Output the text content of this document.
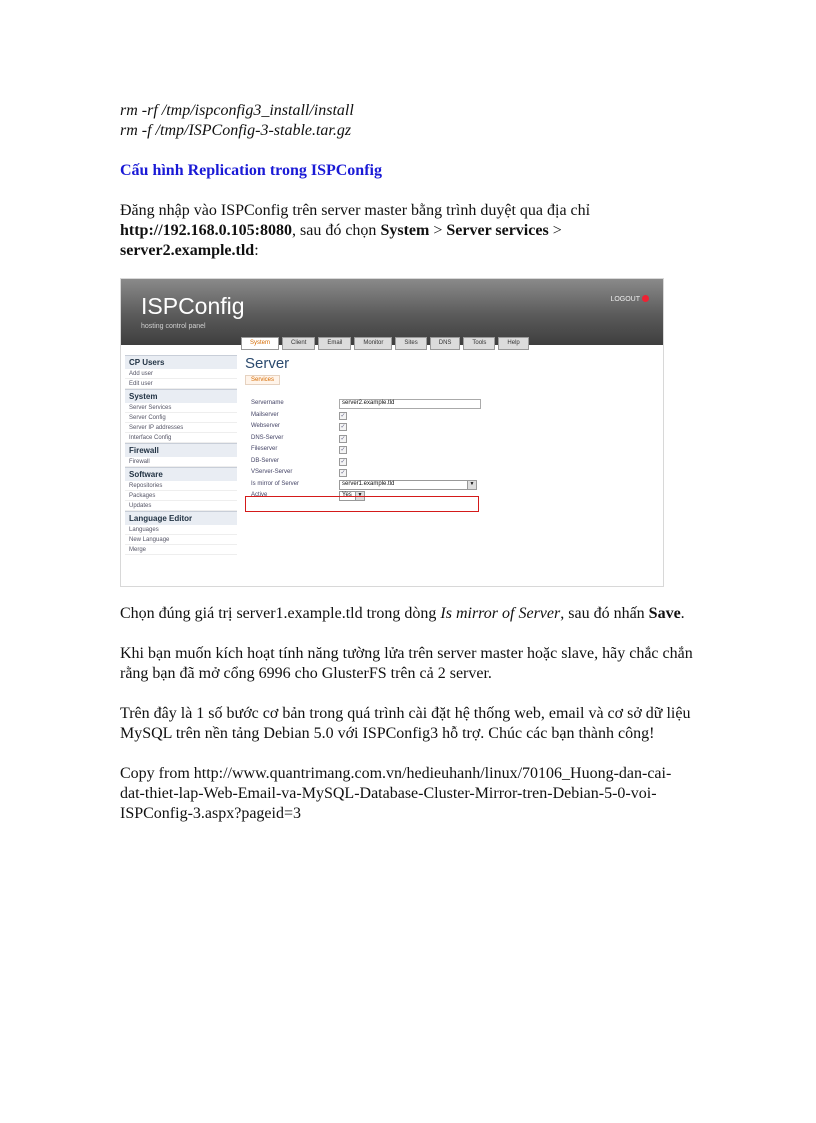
rm -rf /tmp/ispconfig3_install/install
rm -f /tmp/ISPConfig-3-stable.tar.gz
Cấu hình Replication trong ISPConfig
Đăng nhập vào ISPConfig trên server master bằng trình duyệt qua địa chỉ
http://192.168.0.105:8080, sau đó chọn System > Server services >
server2.example.tld:
ISPConfig
hosting control panel
LOGOUT
System	Client	Email	Monitor	Sites	DNS	Tools	Help
CP Users
Add user
Edit user
System
Server Services
Server Config
Server IP addresses
Interface Config
Firewall
Firewall
Software
Repositories
Packages
Updates
Language Editor
Languages
New Language
Merge
Server
Services
Servername	server2.example.tld
Mailserver	✓
Webserver	✓
DNS-Server	✓
Fileserver	✓
DB-Server	✓
VServer-Server	✓
Is mirror of Server	server1.example.tld	▼
Active	Yes	▼
Chọn đúng giá trị server1.example.tld trong dòng Is mirror of Server, sau đó nhấn Save.
Khi bạn muốn kích hoạt tính năng tường lửa trên server master hoặc slave, hãy chắc chắn
rằng bạn đã mở cổng 6996 cho GlusterFS trên cả 2 server.
Trên đây là 1 số bước cơ bản trong quá trình cài đặt hệ thống web, email và cơ sở dữ liệu
MySQL trên nền tảng Debian 5.0 với ISPConfig3 hỗ trợ. Chúc các bạn thành công!
Copy from http://www.quantrimang.com.vn/hedieuhanh/linux/70106_Huong-dan-cai-
dat-thiet-lap-Web-Email-va-MySQL-Database-Cluster-Mirror-tren-Debian-5-0-voi-
ISPConfig-3.aspx?pageid=3
